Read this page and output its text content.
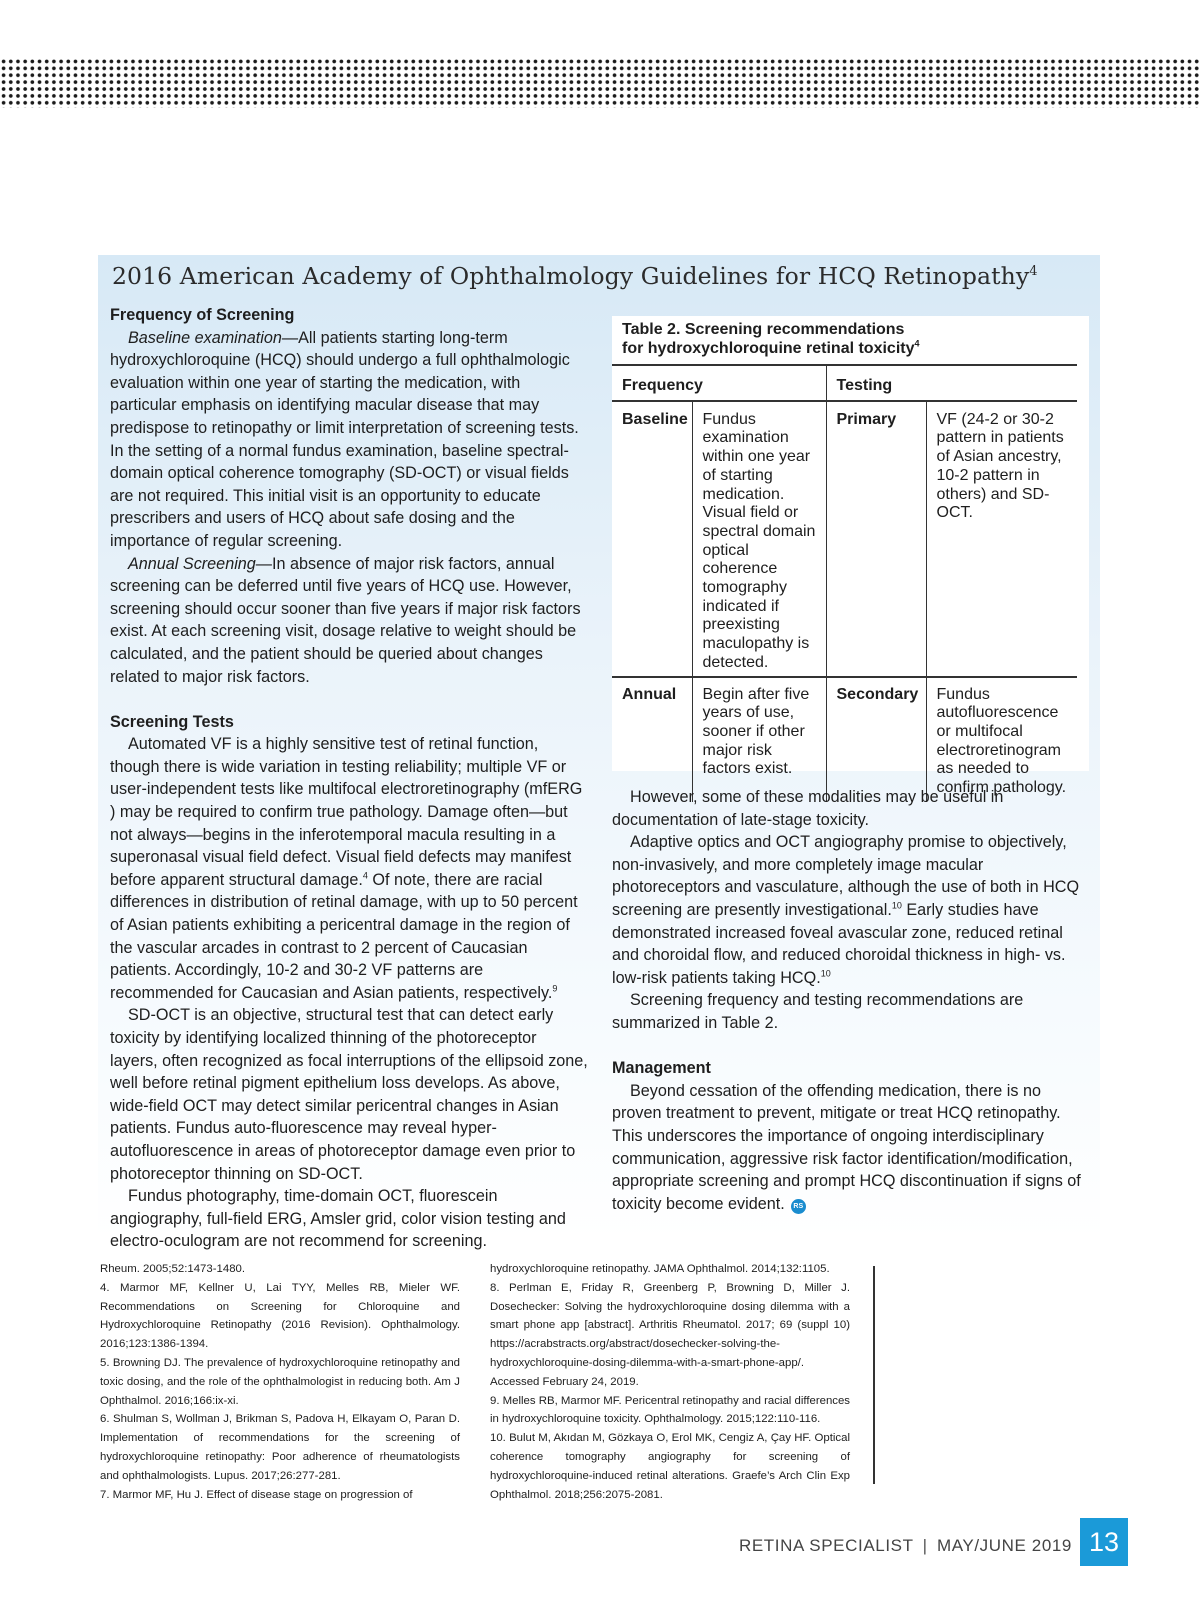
2016 American Academy of Ophthalmology Guidelines for HCQ Retinopathy$^4$
Frequency of Screening

Baseline examination—All patients starting long-term hydroxychloroquine (HCQ) should undergo a full ophthalmologic evaluation within one year of starting the medication, with particular emphasis on identifying macular disease that may predispose to retinopathy or limit interpretation of screening tests. In the setting of a normal fundus examination, baseline spectral-domain optical coherence tomography (SD-OCT) or visual fields are not required. This initial visit is an opportunity to educate prescribers and users of HCQ about safe dosing and the importance of regular screening.

Annual Screening—In absence of major risk factors, annual screening can be deferred until five years of HCQ use. However, screening should occur sooner than five years if major risk factors exist. At each screening visit, dosage relative to weight should be calculated, and the patient should be queried about changes related to major risk factors.

Screening Tests

Automated VF is a highly sensitive test of retinal function, though there is wide variation in testing reliability; multiple VF or user-independent tests like multifocal electroretinography (mfERG ) may be required to confirm true pathology. Damage often—but not always—begins in the inferotemporal macula resulting in a superonasal visual field defect. Visual field defects may manifest before apparent structural damage.$^4$ Of note, there are racial differences in distribution of retinal damage, with up to 50 percent of Asian patients exhibiting a pericentral damage in the region of the vascular arcades in contrast to 2 percent of Caucasian patients. Accordingly, 10-2 and 30-2 VF patterns are recommended for Caucasian and Asian patients, respectively.$^9$

SD-OCT is an objective, structural test that can detect early toxicity by identifying localized thinning of the photoreceptor layers, often recognized as focal interruptions of the ellipsoid zone, well before retinal pigment epithelium loss develops. As above, wide-field OCT may detect similar pericentral changes in Asian patients. Fundus auto-fluorescence may reveal hyper-autofluorescence in areas of photoreceptor damage even prior to photoreceptor thinning on SD-OCT.

Fundus photography, time-domain OCT, fluorescein angiography, full-field ERG, Amsler grid, color vision testing and electro-oculogram are not recommend for screening.

Table 2. Screening recommendations for hydroxychloroquine retinal toxicity$^4$

Frequency		Testing	
Baseline	Fundus examination within one year of starting medication. Visual field or spectral domain optical coherence tomography indicated if preexisting maculopathy is detected.	Primary	VF (24-2 or 30-2 pattern in patients of Asian ancestry, 10-2 pattern in others) and SD-OCT.
Annual	Begin after five years of use, sooner if other major risk factors exist.	Secondary	Fundus autofluorescence or multifocal electroretinogram as needed to confirm pathology.

However, some of these modalities may be useful in documentation of late-stage toxicity.

Adaptive optics and OCT angiography promise to objectively, non-invasively, and more completely image macular photoreceptors and vasculature, although the use of both in HCQ screening are presently investigational.$^{10}$ Early studies have demonstrated increased foveal avascular zone, reduced retinal and choroidal flow, and reduced choroidal thickness in high- vs. low-risk patients taking HCQ.$^{10}$

Screening frequency and testing recommendations are summarized in Table 2.

Management

Beyond cessation of the offending medication, there is no proven treatment to prevent, mitigate or treat HCQ retinopathy. This underscores the importance of ongoing interdisciplinary communication, aggressive risk factor identification/modification, appropriate screening and prompt HCQ discontinuation if signs of toxicity become evident. RS

Rheum. 2005;52:1473-1480.

4. Marmor MF, Kellner U, Lai TYY, Melles RB, Mieler WF. Recommendations on Screening for Chloroquine and Hydroxychloroquine Retinopathy (2016 Revision). Ophthalmology. 2016;123:1386-1394.

5. Browning DJ. The prevalence of hydroxychloroquine retinopathy and toxic dosing, and the role of the ophthalmologist in reducing both. Am J Ophthalmol. 2016;166:ix-xi.

6. Shulman S, Wollman J, Brikman S, Padova H, Elkayam O, Paran D. Implementation of recommendations for the screening of hydroxychloroquine retinopathy: Poor adherence of rheumatologists and ophthalmologists. Lupus. 2017;26:277-281.

7. Marmor MF, Hu J. Effect of disease stage on progression of

hydroxychloroquine retinopathy. JAMA Ophthalmol. 2014;132:1105.

8. Perlman E, Friday R, Greenberg P, Browning D, Miller J. Dosechecker: Solving the hydroxychloroquine dosing dilemma with a smart phone app [abstract]. Arthritis Rheumatol. 2017; 69 (suppl 10) https://acrabstracts.org/abstract/dosechecker-solving-the-hydroxychloroquine-dosing-dilemma-with-a-smart-phone-app/. Accessed February 24, 2019.

9. Melles RB, Marmor MF. Pericentral retinopathy and racial differences in hydroxychloroquine toxicity. Ophthalmology. 2015;122:110-116.

10. Bulut M, Akıdan M, Gözkaya O, Erol MK, Cengiz A, Çay HF. Optical coherence tomography angiography for screening of hydroxychloroquine-induced retinal alterations. Graefe’s Arch Clin Exp Ophthalmol. 2018;256:2075-2081.

RETINA SPECIALIST | MAY/JUNE 2019 13
